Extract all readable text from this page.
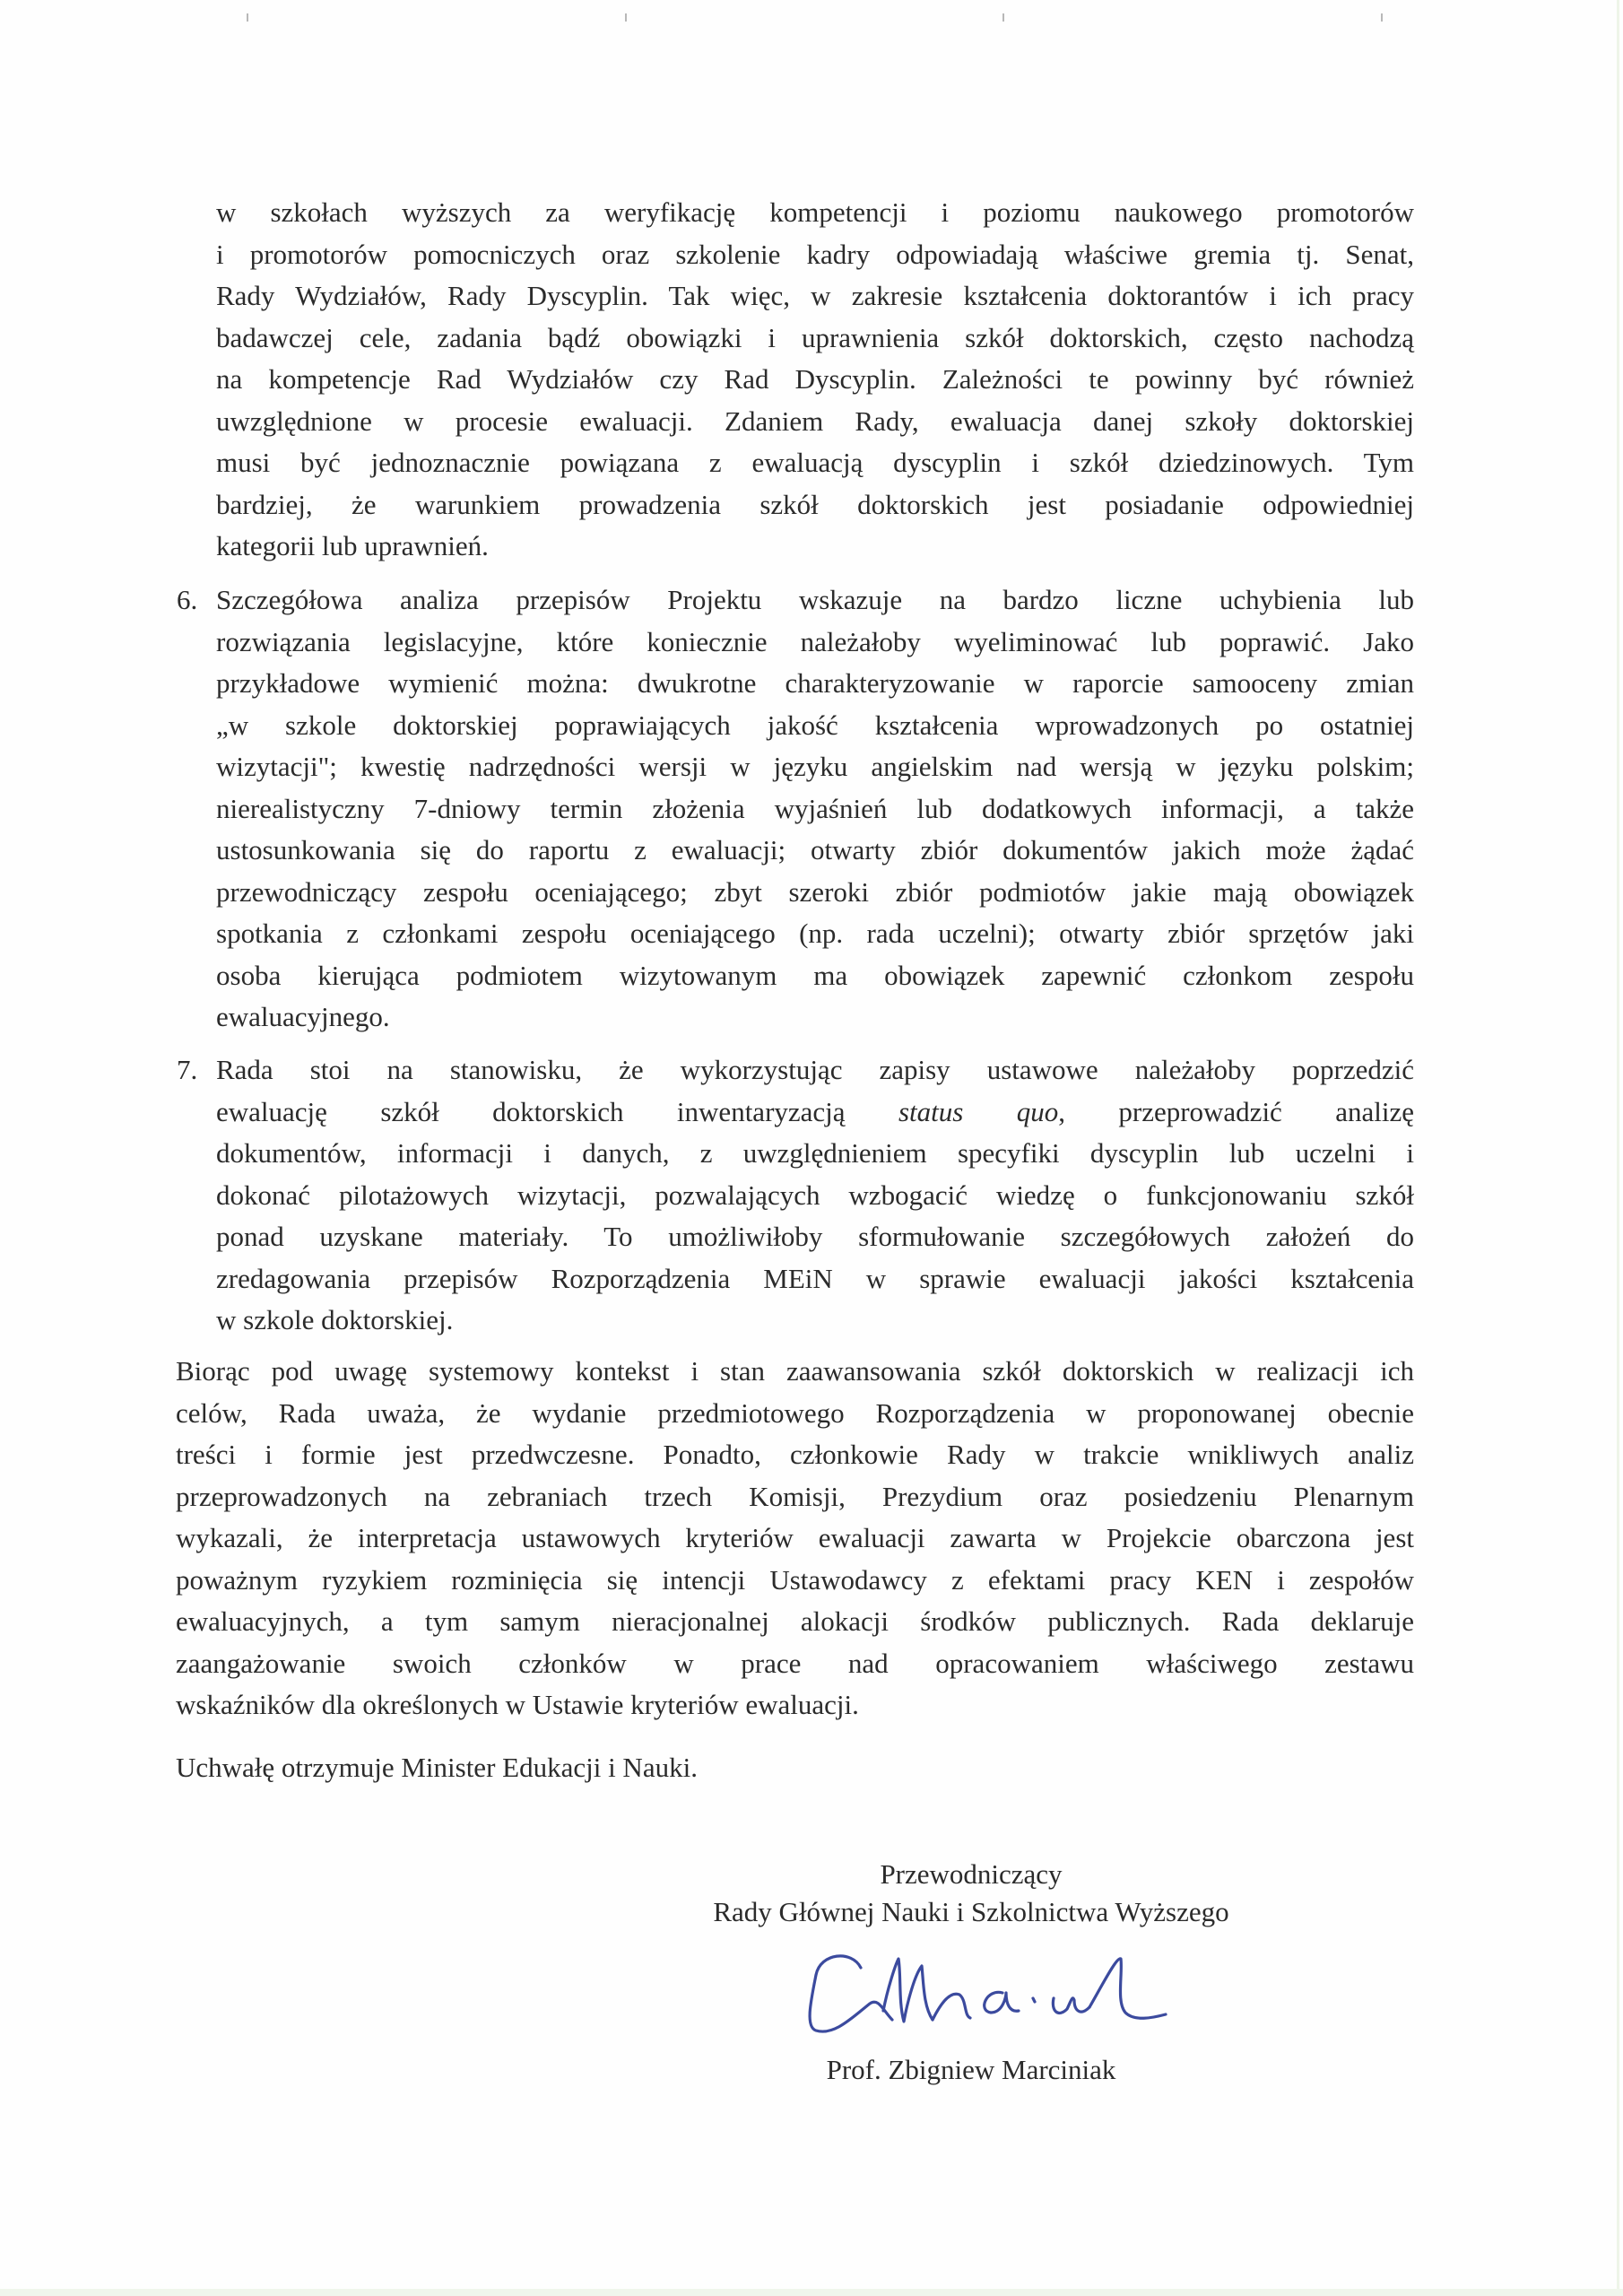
w szkołach wyższych za weryfikację kompetencji i poziomu naukowego promotorów
i promotorów pomocniczych oraz szkolenie kadry odpowiadają właściwe gremia tj. Senat,
Rady Wydziałów, Rady Dyscyplin. Tak więc, w zakresie kształcenia doktorantów i ich pracy
badawczej cele, zadania bądź obowiązki i uprawnienia szkół doktorskich, często nachodzą
na kompetencje Rad Wydziałów czy Rad Dyscyplin. Zależności te powinny być również
uwzględnione w procesie ewaluacji. Zdaniem Rady, ewaluacja danej szkoły doktorskiej
musi być jednoznacznie powiązana z ewaluacją dyscyplin i szkół dziedzinowych. Tym
bardziej, że warunkiem prowadzenia szkół doktorskich jest posiadanie odpowiedniej
kategorii lub uprawnień.
6. Szczegółowa analiza przepisów Projektu wskazuje na bardzo liczne uchybienia lub
rozwiązania legislacyjne, które koniecznie należałoby wyeliminować lub poprawić. Jako
przykładowe wymienić można: dwukrotne charakteryzowanie w raporcie samooceny zmian
„w szkole doktorskiej poprawiających jakość kształcenia wprowadzonych po ostatniej
wizytacji"; kwestię nadrzędności wersji w języku angielskim nad wersją w języku polskim;
nierealistyczny 7-dniowy termin złożenia wyjaśnień lub dodatkowych informacji, a także
ustosunkowania się do raportu z ewaluacji; otwarty zbiór dokumentów jakich może żądać
przewodniczący zespołu oceniającego; zbyt szeroki zbiór podmiotów jakie mają obowiązek
spotkania z członkami zespołu oceniającego (np. rada uczelni); otwarty zbiór sprzętów jaki
osoba kierująca podmiotem wizytowanym ma obowiązek zapewnić członkom zespołu
ewaluacyjnego.
7. Rada stoi na stanowisku, że wykorzystując zapisy ustawowe należałoby poprzedzić
ewaluację szkół doktorskich inwentaryzacją status quo, przeprowadzić analizę
dokumentów, informacji i danych, z uwzględnieniem specyfiki dyscyplin lub uczelni i
dokonać pilotażowych wizytacji, pozwalających wzbogacić wiedzę o funkcjonowaniu szkół
ponad uzyskane materiały. To umożliwiłoby sformułowanie szczegółowych założeń do
zredagowania przepisów Rozporządzenia MEiN w sprawie ewaluacji jakości kształcenia
w szkole doktorskiej.
Biorąc pod uwagę systemowy kontekst i stan zaawansowania szkół doktorskich w realizacji ich
celów, Rada uważa, że wydanie przedmiotowego Rozporządzenia w proponowanej obecnie
treści i formie jest przedwczesne. Ponadto, członkowie Rady w trakcie wnikliwych analiz
przeprowadzonych na zebraniach trzech Komisji, Prezydium oraz posiedzeniu Plenarnym
wykazali, że interpretacja ustawowych kryteriów ewaluacji zawarta w Projekcie obarczona jest
poważnym ryzykiem rozminięcia się intencji Ustawodawcy z efektami pracy KEN i zespołów
ewaluacyjnych, a tym samym nieracjonalnej alokacji środków publicznych. Rada deklaruje
zaangażowanie swoich członków w prace nad opracowaniem właściwego zestawu
wskaźników dla określonych w Ustawie kryteriów ewaluacji.
Uchwałę otrzymuje Minister Edukacji i Nauki.
Przewodniczący
Rady Głównej Nauki i Szkolnictwa Wyższego
Prof. Zbigniew Marciniak
